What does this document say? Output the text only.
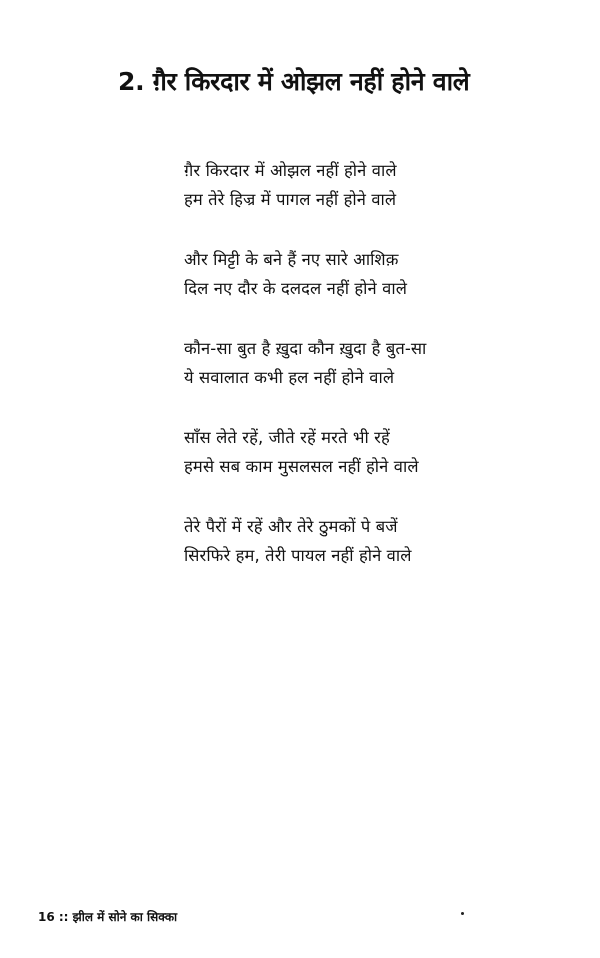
2. ग़ैर किरदार में ओझल नहीं होने वाले
ग़ैर किरदार में ओझल नहीं होने वाले
हम तेरे हिज्र में पागल नहीं होने वाले
और मिट्टी के बने हैं नए सारे आशिक़
दिल नए दौर के दलदल नहीं होने वाले
कौन-सा बुत है ख़ुदा कौन ख़ुदा है बुत-सा
ये सवालात कभी हल नहीं होने वाले
साँस लेते रहें, जीते रहें मरते भी रहें
हमसे सब काम मुसलसल नहीं होने वाले
तेरे पैरों में रहें और तेरे ठुमकों पे बजें
सिरफिरे हम, तेरी पायल नहीं होने वाले
16 :: झील में सोने का सिक्का
